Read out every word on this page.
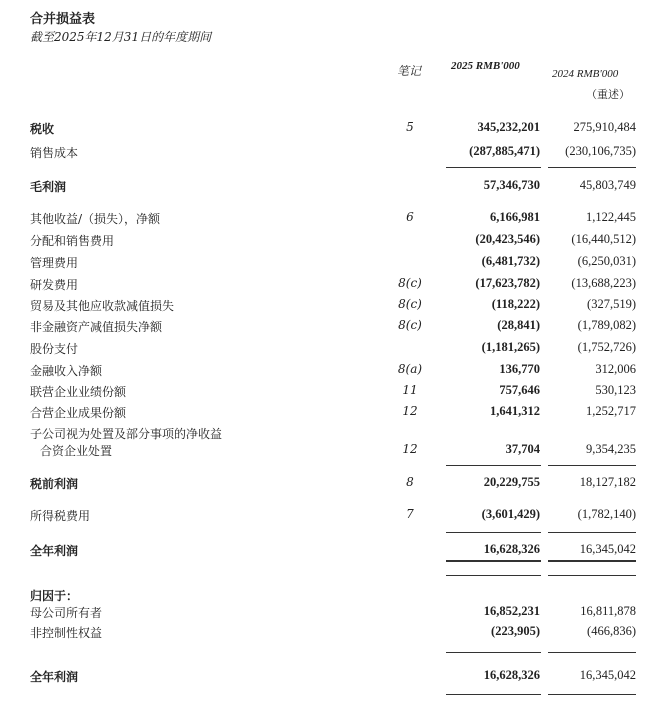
合并损益表
截至2025年12月31日的年度期间
笔记	2025 RMB'000
2024 RMB'000
（重述）
税收	5	345,232,201	275,910,484
销售成本	(287,885,471) (230,106,735)
毛利润	57,346,730	45,803,749
其他收益/（损失），净额	6	6,166,981	1,122,445
分配和销售费用	(20,423,546)	(16,440,512)
管理费用	(6,481,732)	(6,250,031)
研发费用	8(c)	(17,623,782)	(13,688,223)
贸易及其他应收款减值损失	8(c)	(118,222)	(327,519)
非金融资产减值损失净额	8(c)	(28,841)	(1,789,082)
股份支付	(1,181,265)	(1,752,726)
金融收入净额	8(a)	136,770	312,006
联营企业业绩份额	11	757,646	530,123
合营企业成果份额	12	1,641,312	1,252,717
子公司视为处置及部分事项的净收益
合资企业处置	12	37,704	9,354,235
税前利润	8	20,229,755	18,127,182
所得税费用	7	(3,601,429)	(1,782,140)
全年利润	16,628,326	16,345,042
归因于：
母公司所有者	16,852,231	16,811,878
非控制性权益	(223,905)	(466,836)
全年利润	16,628,326	16,345,042
